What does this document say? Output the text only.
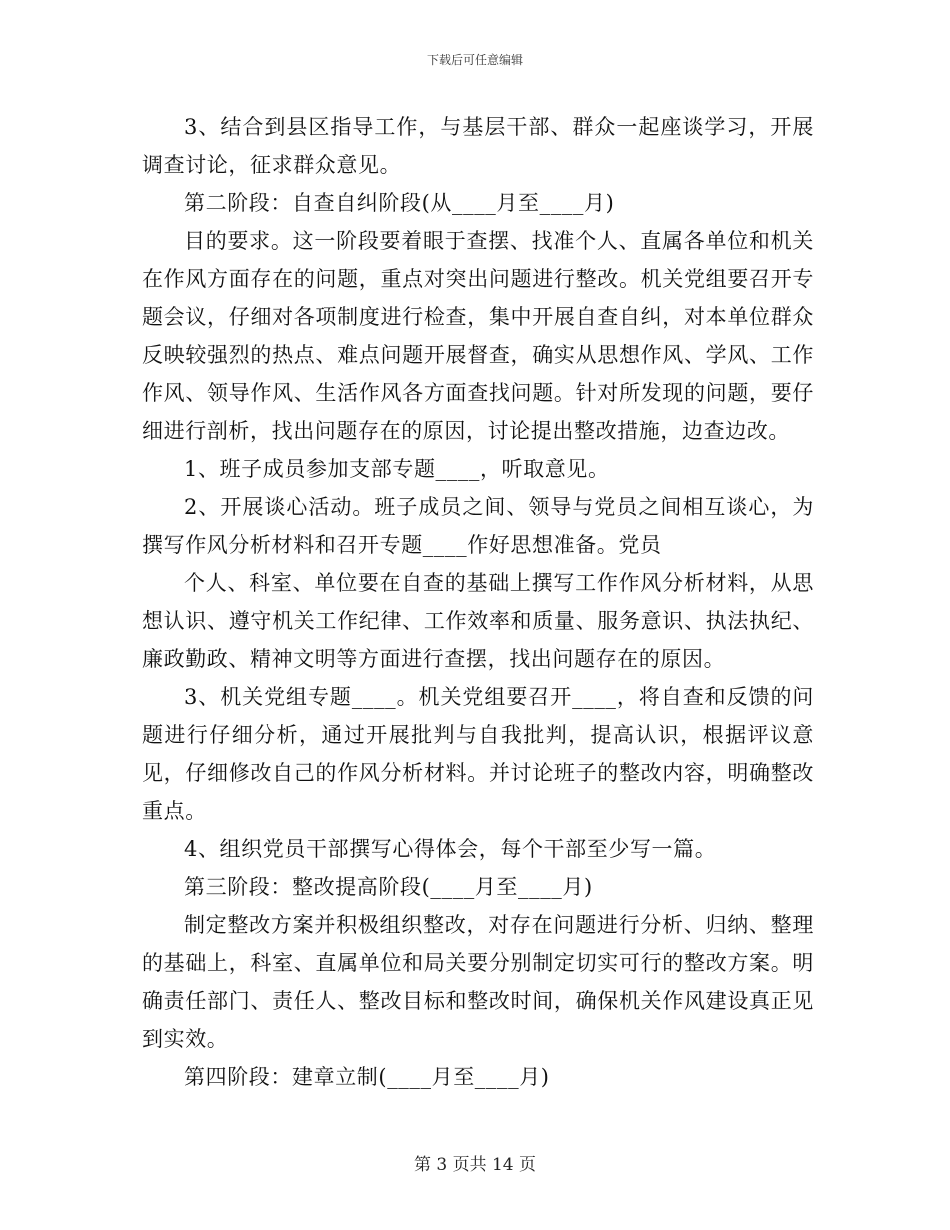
下载后可任意编辑

3、结合到县区指导工作，与基层干部、群众一起座谈学习，开展调查讨论，征求群众意见。

第二阶段：自查自纠阶段(从____月至____月)

目的要求。这一阶段要着眼于查摆、找准个人、直属各单位和机关在作风方面存在的问题，重点对突出问题进行整改。机关党组要召开专题会议，仔细对各项制度进行检查，集中开展自查自纠，对本单位群众反映较强烈的热点、难点问题开展督查，确实从思想作风、学风、工作作风、领导作风、生活作风各方面查找问题。针对所发现的问题，要仔细进行剖析，找出问题存在的原因，讨论提出整改措施，边查边改。

1、班子成员参加支部专题____，听取意见。

2、开展谈心活动。班子成员之间、领导与党员之间相互谈心，为撰写作风分析材料和召开专题____作好思想准备。党员

个人、科室、单位要在自查的基础上撰写工作作风分析材料，从思想认识、遵守机关工作纪律、工作效率和质量、服务意识、执法执纪、廉政勤政、精神文明等方面进行查摆，找出问题存在的原因。

3、机关党组专题____。机关党组要召开____，将自查和反馈的问题进行仔细分析，通过开展批判与自我批判，提高认识，根据评议意见，仔细修改自己的作风分析材料。并讨论班子的整改内容，明确整改重点。

4、组织党员干部撰写心得体会，每个干部至少写一篇。

第三阶段：整改提高阶段(____月至____月)

制定整改方案并积极组织整改，对存在问题进行分析、归纳、整理的基础上，科室、直属单位和局关要分别制定切实可行的整改方案。明确责任部门、责任人、整改目标和整改时间，确保机关作风建设真正见到实效。

第四阶段：建章立制(____月至____月)

第 3 页共 14 页
